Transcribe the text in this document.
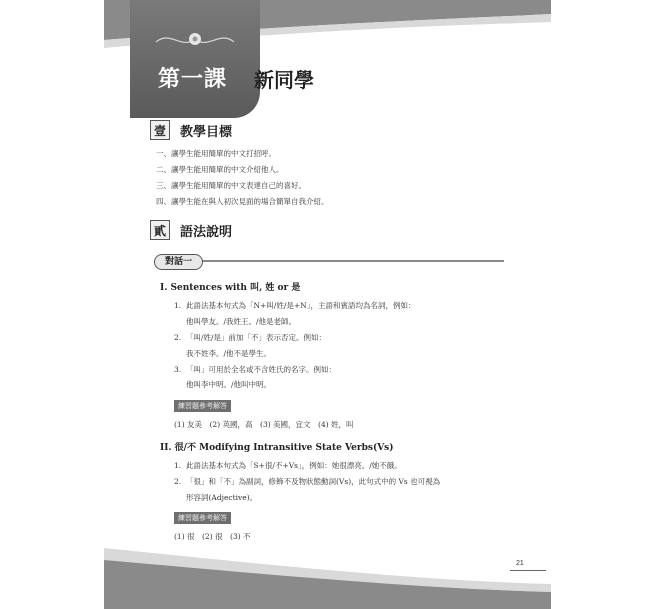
第一課 新同學
壹	教學目標
一、讓學生能用簡單的中文打招呼。
二、讓學生能用簡單的中文介紹他人。
三、讓學生能用簡單的中文表達自己的喜好。
四、讓學生能在與人初次見面的場合簡單自我介紹。
貳	語法說明
對話一
I. Sentences with 叫, 姓 or 是
1. 此語法基本句式為「N+叫/姓/是+N」，主語和賓語均為名詞，例如：
他叫學友。/我姓王。/他是老師。
2. 「叫/姓/是」前加「不」表示否定。例如：
我不姓李。/他不是學生。
3. 「叫」可用於全名或不含姓氏的名字。例如：
他叫李中明。/他叫中明。
練習題參考解答
(1) 友美　(2) 英國，高　(3) 美國，宜文　(4) 姓，叫
II. 很/不 Modifying Intransitive State Verbs(Vs)
1. 此語法基本句式為「S+很/不+Vs」，例如：她很漂亮。/她不餓。
2. 「很」和「不」為副詞，修飾不及物狀態動詞(Vs)，此句式中的 Vs 也可視為
形容詞(Adjective)。
練習題參考解答
(1) 很　(2) 很　(3) 不
21
